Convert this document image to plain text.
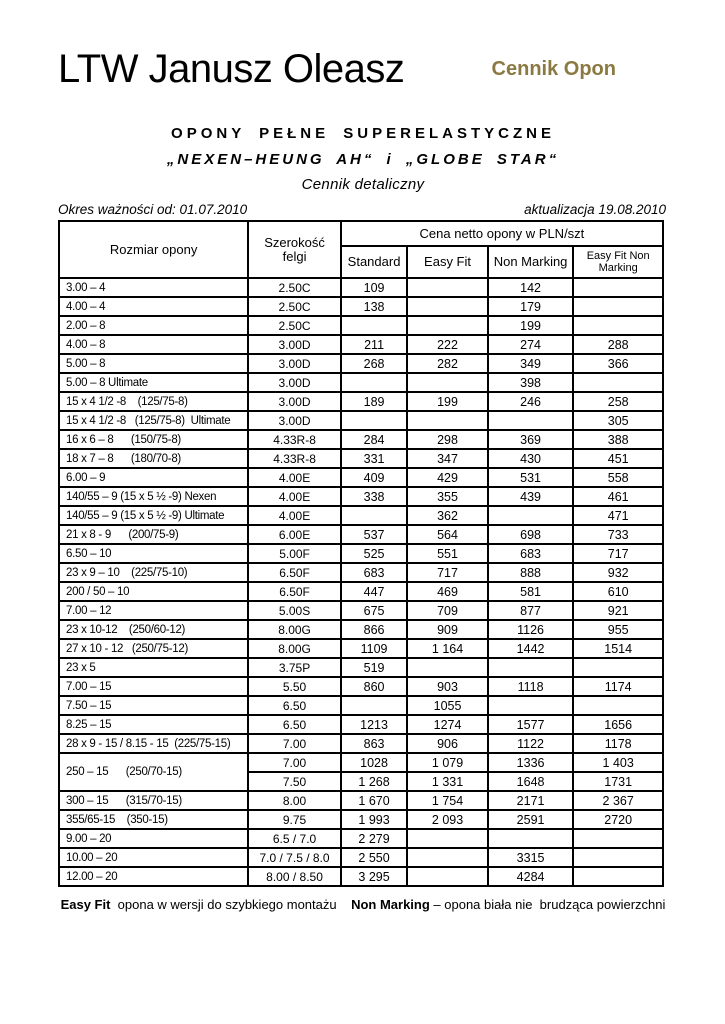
LTW Janusz Oleasz	Cennik Opon
OPONY PEŁNE SUPERELASTYCZNE
„NEXEN–HEUNG AH“ i „GLOBE STAR“
Cennik detaliczny
Okres ważności od: 01.07.2010	aktualizacja 19.08.2010
Rozmiar opony	Szerokość felgi	Cena netto opony w PLN/szt			
		Standard	Easy Fit	Non Marking	Easy Fit Non Marking
3.00 – 4	2.50C	109		142	
4.00 – 4	2.50C	138		179	
2.00 – 8	2.50C			199	
4.00 – 8	3.00D	211	222	274	288
5.00 – 8	3.00D	268	282	349	366
5.00 – 8 Ultimate	3.00D			398	
15 x 4 1/2 -8    (125/75-8)	3.00D	189	199	246	258
15 x 4 1/2 -8   (125/75-8)  Ultimate	3.00D				305
16 x 6 – 8      (150/75-8)	4.33R-8	284	298	369	388
18 x 7 – 8      (180/70-8)	4.33R-8	331	347	430	451
6.00 – 9	4.00E	409	429	531	558
140/55 – 9 (15 x 5 ½ -9) Nexen	4.00E	338	355	439	461
140/55 – 9 (15 x 5 ½ -9) Ultimate	4.00E		362		471
21 x 8 - 9      (200/75-9)	6.00E	537	564	698	733
6.50 – 10	5.00F	525	551	683	717
23 x 9 – 10    (225/75-10)	6.50F	683	717	888	932
200 / 50 – 10	6.50F	447	469	581	610
7.00 – 12	5.00S	675	709	877	921
23 x 10-12    (250/60-12)	8.00G	866	909	1126	955
27 x 10 - 12   (250/75-12)	8.00G	1109	1 164	1442	1514
23 x 5	3.75P	519			
7.00 – 15	5.50	860	903	1118	1174
7.50 – 15	6.50		1055		
8.25 – 15	6.50	1213	1274	1577	1656
28 x 9 - 15 / 8.15 - 15  (225/75-15)	7.00	863	906	1122	1178
250 – 15      (250/70-15)	7.00	1028	1 079	1336	1 403
	7.50	1 268	1 331	1648	1731
300 – 15      (315/70-15)	8.00	1 670	1 754	2171	2 367
355/65-15    (350-15)	9.75	1 993	2 093	2591	2720
9.00 – 20	6.5 / 7.0	2 279			
10.00 – 20	7.0 / 7.5 / 8.0	2 550		3315	
12.00 – 20	8.00 / 8.50	3 295		4284	
Easy Fit  opona w wersji do szybkiego montażu    Non Marking – opona biała nie  brudząca powierzchni
